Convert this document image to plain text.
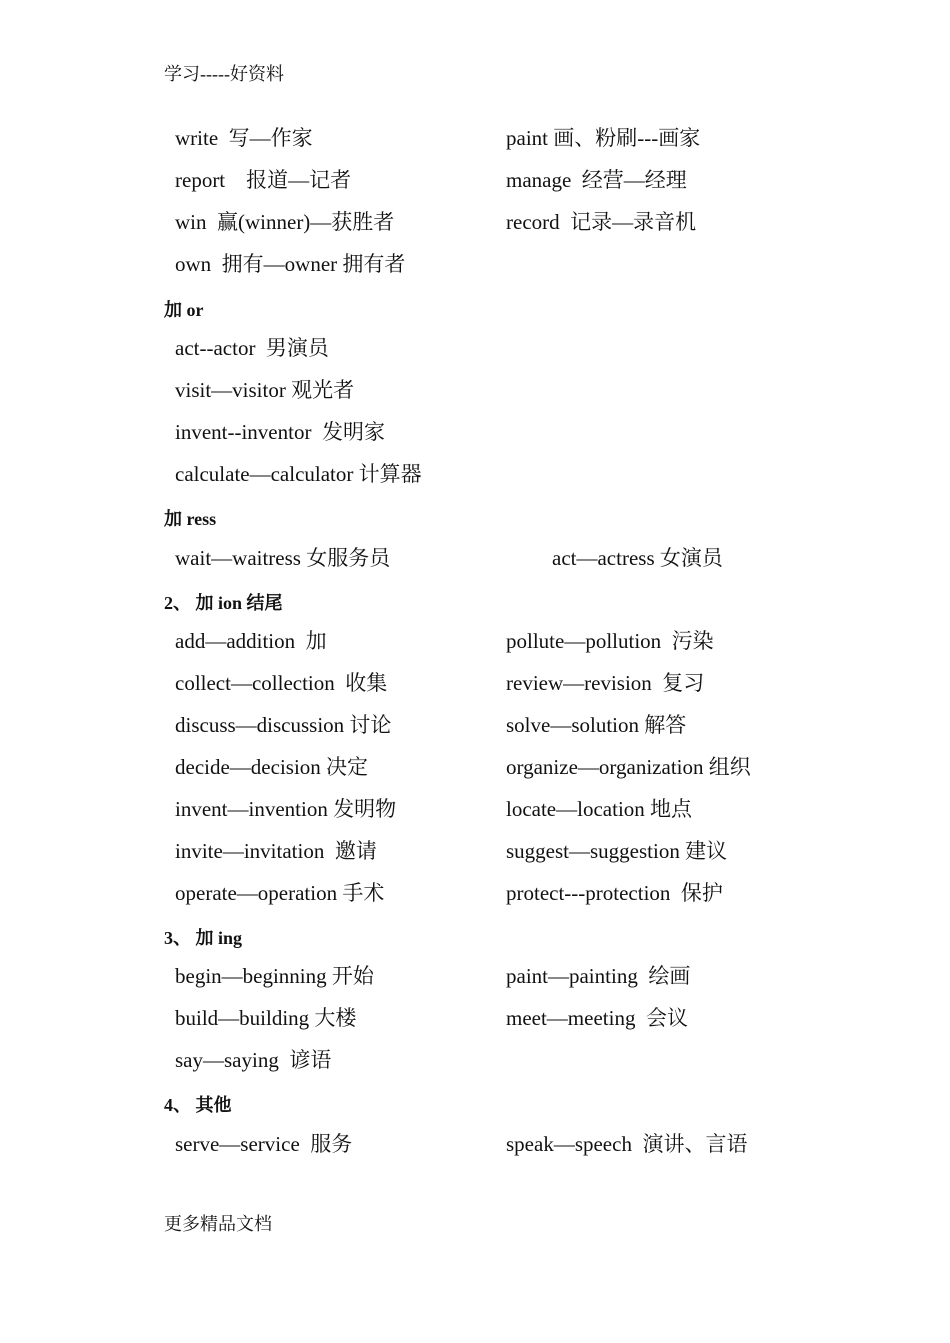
学习-----好资料
write  写—作家	paint 画、粉刷---画家
report    报道—记者	manage  经营—经理
win  赢(winner)—获胜者	record  记录—录音机
own  拥有—owner 拥有者
加 or
act--actor  男演员
visit—visitor 观光者
invent--inventor  发明家
calculate—calculator 计算器
加 ress
wait—waitress 女服务员	act—actress 女演员
2、 加 ion 结尾
add—addition  加	pollute—pollution  污染
collect—collection  收集	review—revision  复习
discuss—discussion 讨论	solve—solution 解答
decide—decision 决定	organize—organization 组织
invent—invention 发明物	locate—location 地点
invite—invitation  邀请	suggest—suggestion 建议
operate—operation 手术	protect---protection  保护
3、 加 ing
begin—beginning 开始	paint—painting  绘画
build—building 大楼	meet—meeting  会议
say—saying  谚语
4、 其他
serve—service  服务	speak—speech  演讲、言语
更多精品文档
